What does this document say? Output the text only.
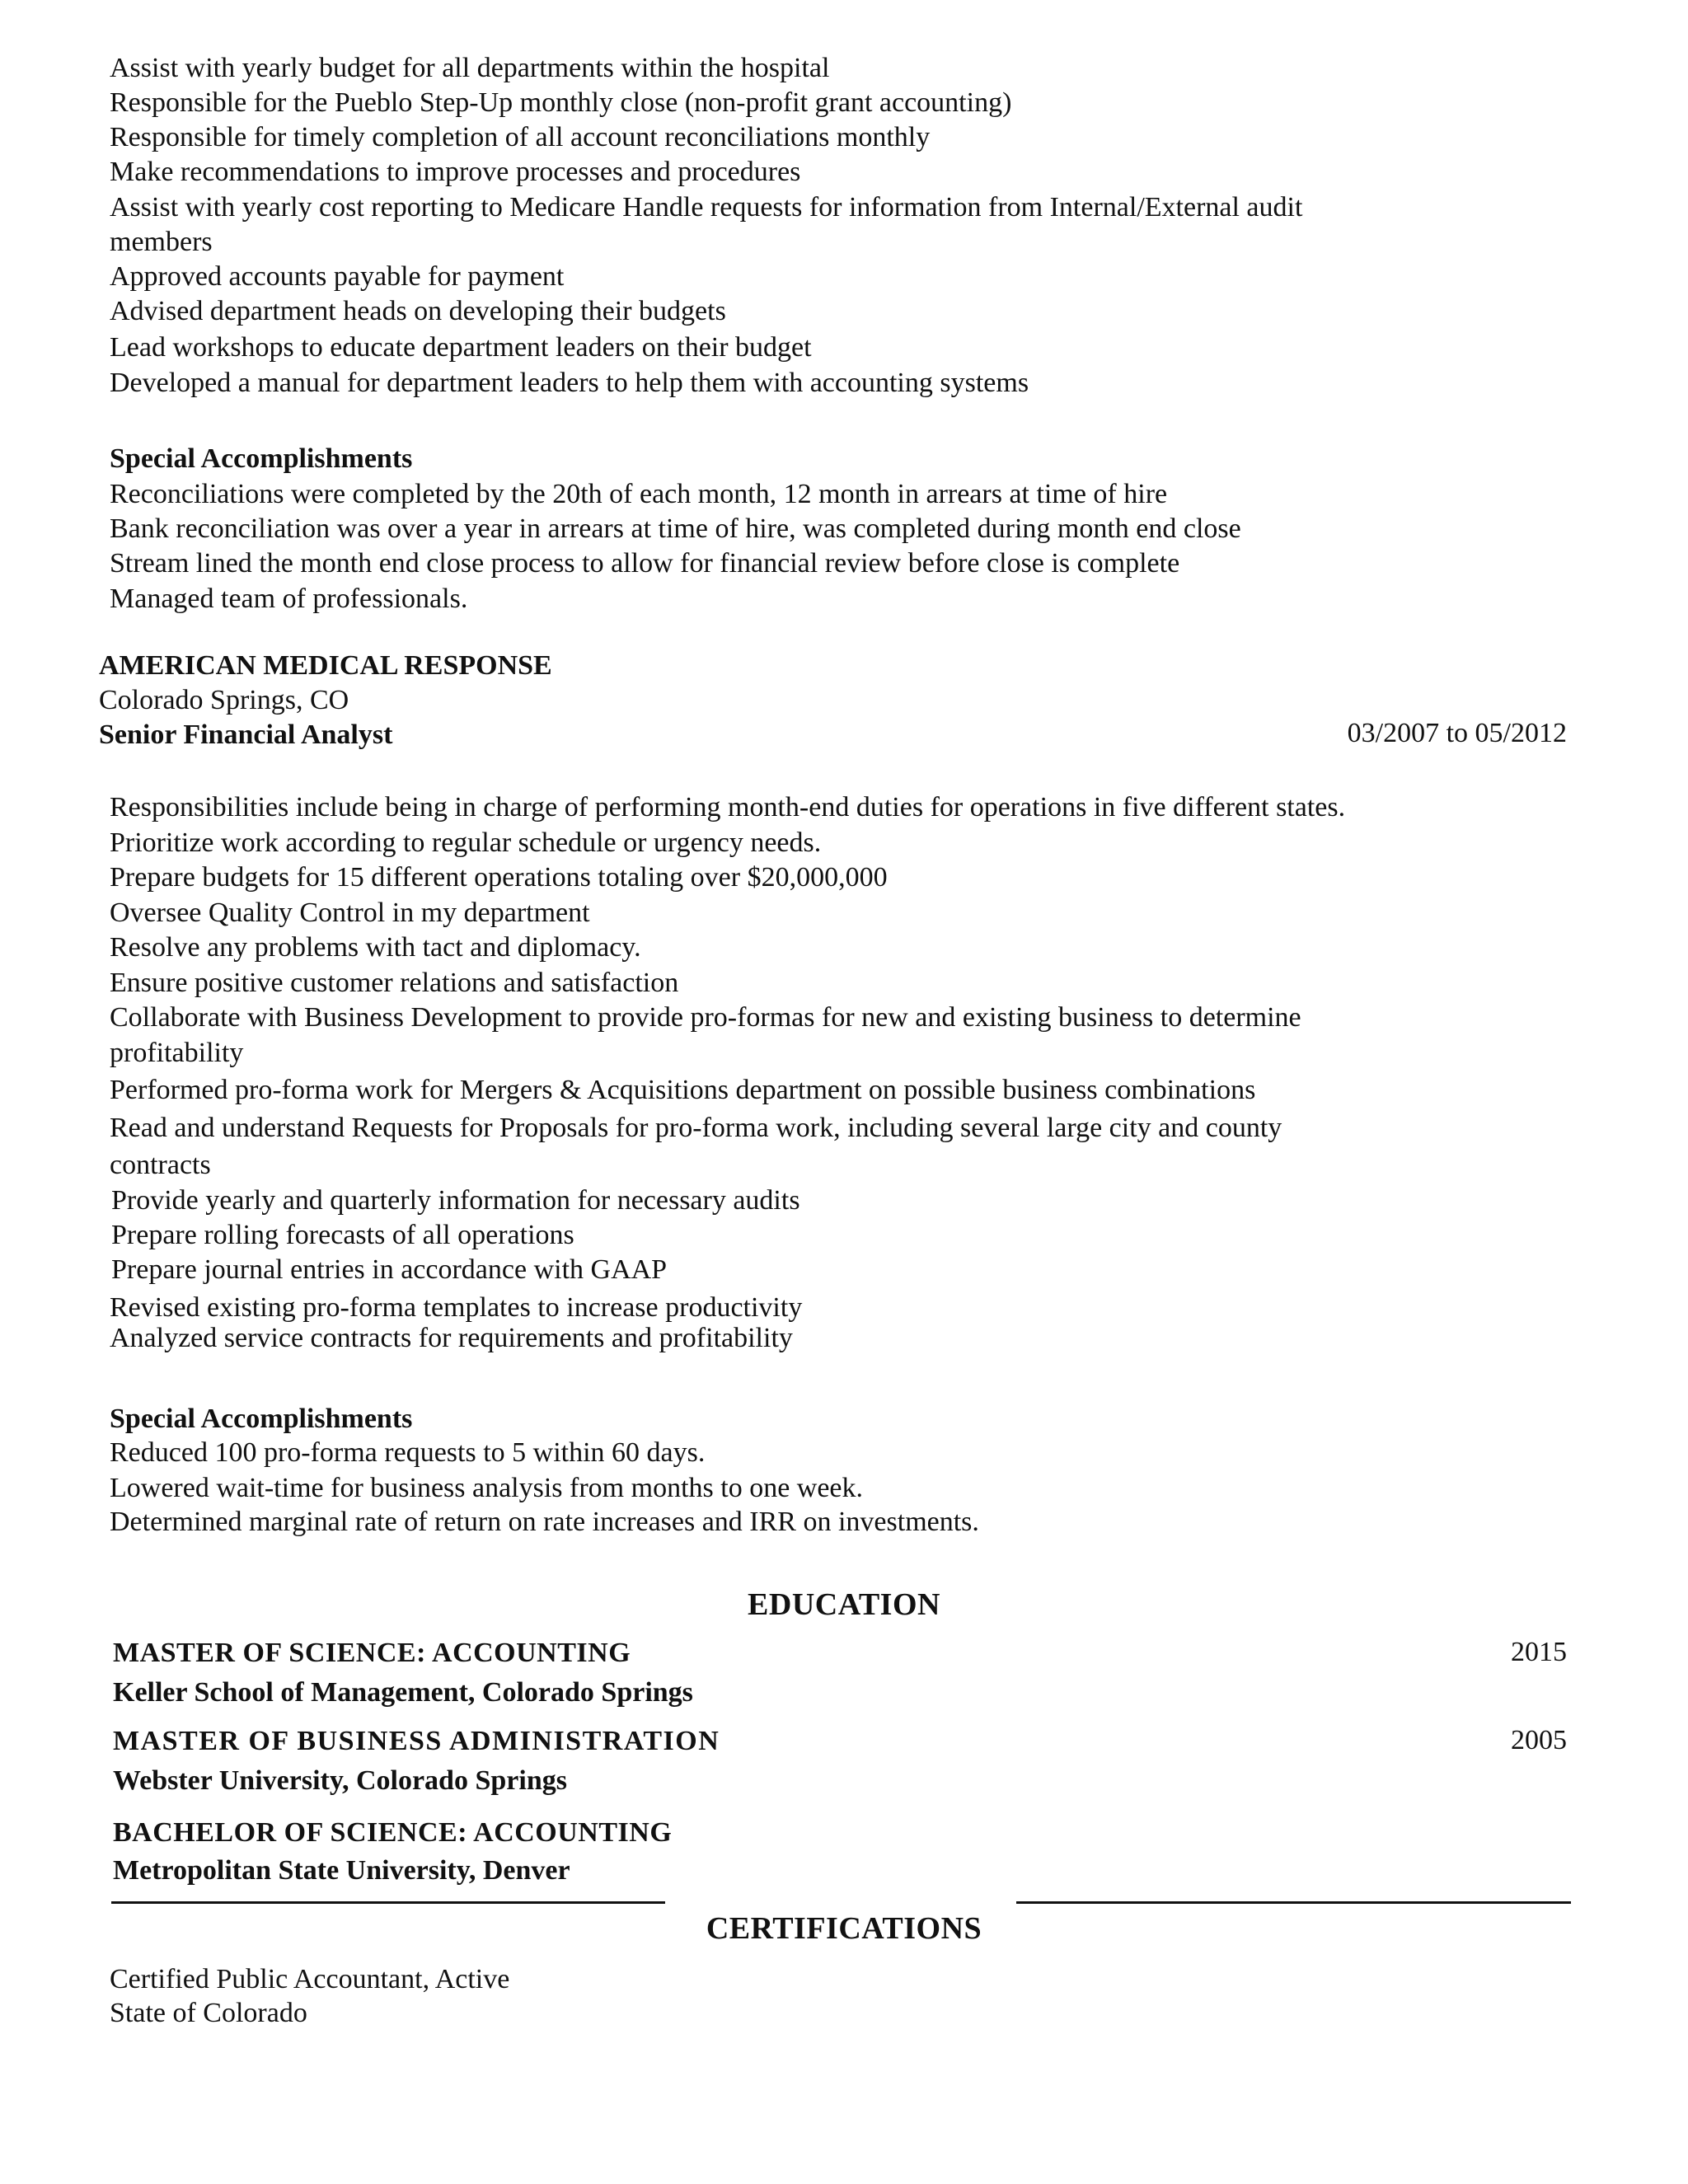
Assist with yearly budget for all departments within the hospital
Responsible for the Pueblo Step-Up monthly close (non-profit grant accounting)
Responsible for timely completion of all account reconciliations monthly
Make recommendations to improve processes and procedures
Assist with yearly cost reporting to Medicare Handle requests for information from Internal/External audit
members
Approved accounts payable for payment
Advised department heads on developing their budgets
Lead workshops to educate department leaders on their budget
Developed a manual for department leaders to help them with accounting systems
Special Accomplishments
Reconciliations were completed by the 20th of each month, 12 month in arrears at time of hire
Bank reconciliation was over a year in arrears at time of hire, was completed during month end close
Stream lined the month end close process to allow for financial review before close is complete
Managed team of professionals.
AMERICAN MEDICAL RESPONSE
Colorado Springs, CO
Senior Financial Analyst	03/2007 to 05/2012
Responsibilities include being in charge of performing month-end duties for operations in five different states.
Prioritize work according to regular schedule or urgency needs.
Prepare budgets for 15 different operations totaling over $20,000,000
Oversee Quality Control in my department
Resolve any problems with tact and diplomacy.
Ensure positive customer relations and satisfaction
Collaborate with Business Development to provide pro-formas for new and existing business to determine
profitability
Performed pro-forma work for Mergers & Acquisitions department on possible business combinations
Read and understand Requests for Proposals for pro-forma work, including several large city and county
contracts
Provide yearly and quarterly information for necessary audits
Prepare rolling forecasts of all operations
Prepare journal entries in accordance with GAAP
Revised existing pro-forma templates to increase productivity
Analyzed service contracts for requirements and profitability
Special Accomplishments
Reduced 100 pro-forma requests to 5 within 60 days.
Lowered wait-time for business analysis from months to one week.
Determined marginal rate of return on rate increases and IRR on investments.
EDUCATION
MASTER OF SCIENCE: ACCOUNTING	2015
Keller School of Management, Colorado Springs
MASTER OF BUSINESS ADMINISTRATION	2005
Webster University, Colorado Springs
BACHELOR OF SCIENCE: ACCOUNTING
Metropolitan State University, Denver
CERTIFICATIONS
Certified Public Accountant, Active
State of Colorado
